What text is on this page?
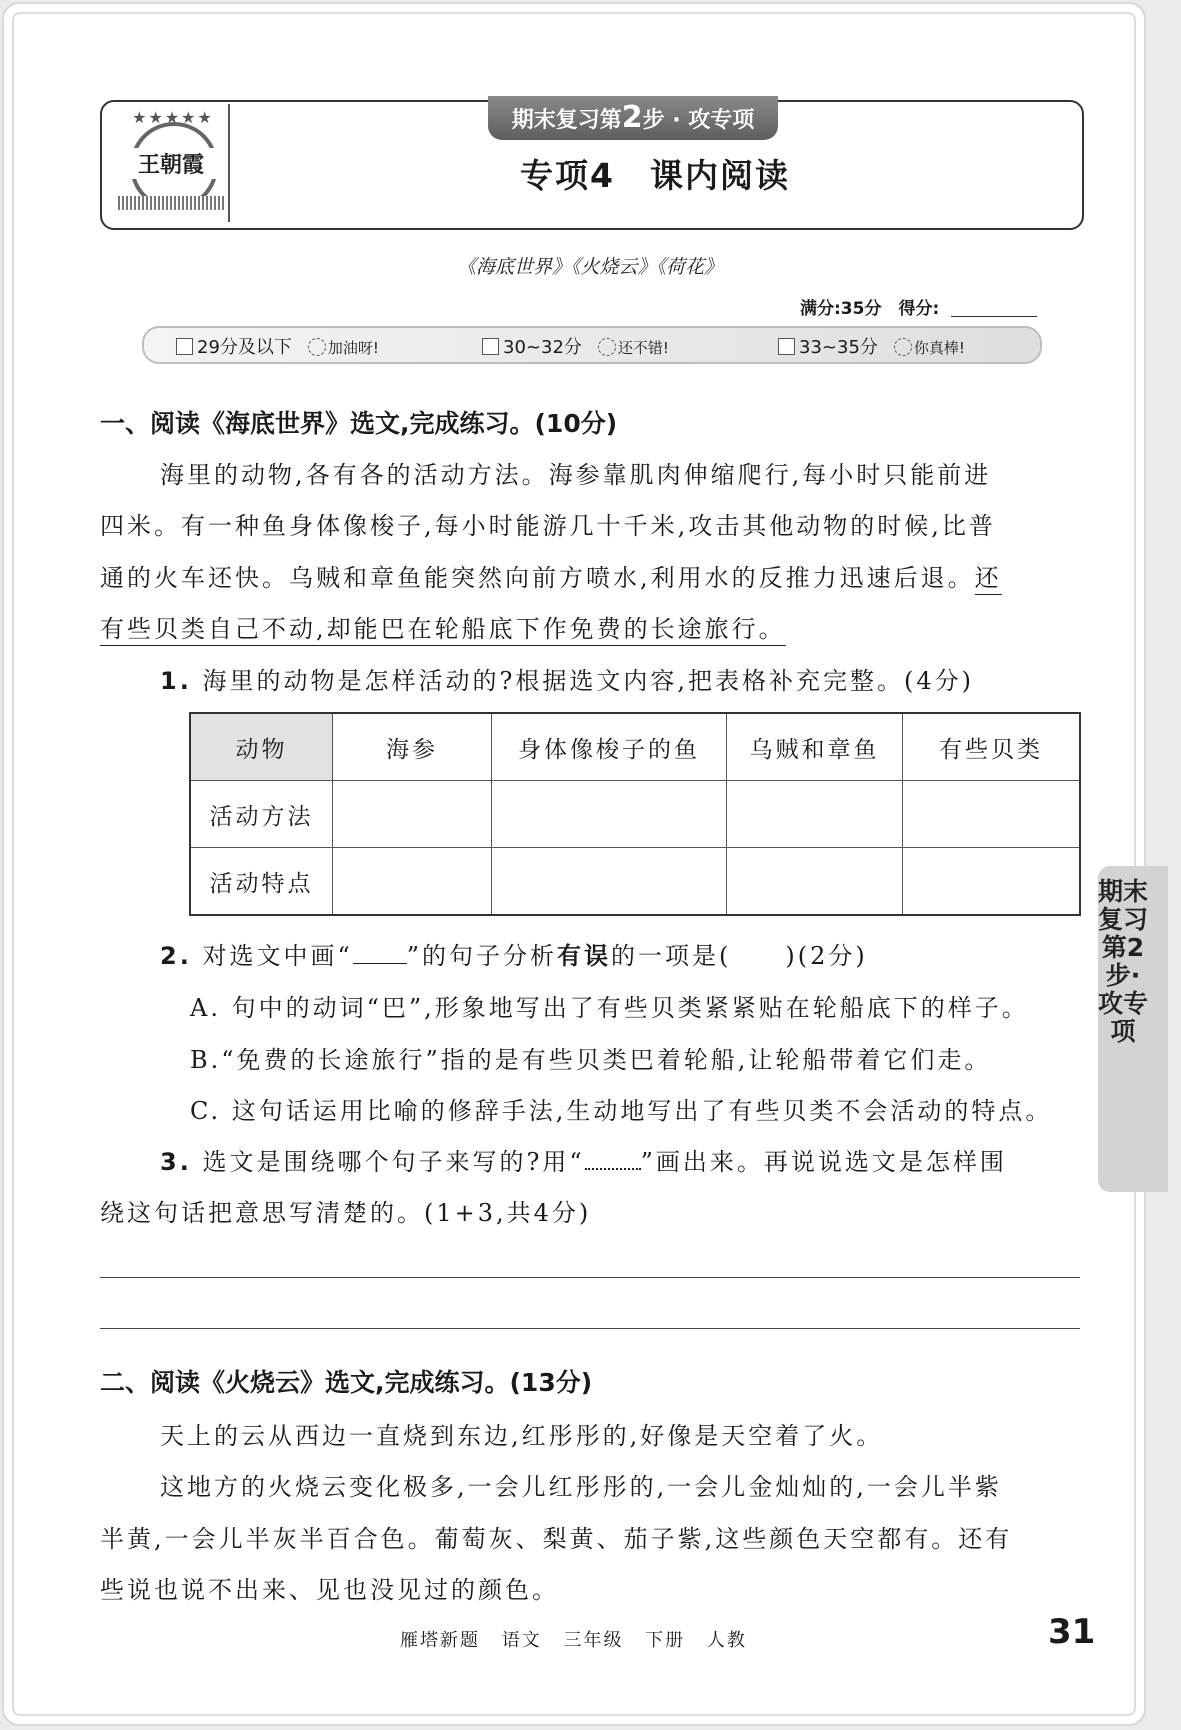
★★★★★
王朝霞
期末复习第2步 · 攻专项
专项4　课内阅读
《海底世界》《火烧云》《荷花》
满分:35分　 得分:
29分及以下 加油呀!	30~32分 还不错!	33~35分 你真棒!
一、阅读《海底世界》选文,完成练习。(10分)
海里的动物,各有各的活动方法。海参靠肌肉伸缩爬行,每小时只能前进
四米。有一种鱼身体像梭子,每小时能游几十千米,攻击其他动物的时候,比普
通的火车还快。乌贼和章鱼能突然向前方喷水,利用水的反推力迅速后退。还
有些贝类自己不动,却能巴在轮船底下作免费的长途旅行。
1. 海里的动物是怎样活动的?根据选文内容,把表格补充完整。(4分)
动物	海参	身体像梭子的鱼	乌贼和章鱼	有些贝类
活动方法				
活动特点				
2. 对选文中画“ ”的句子分析有误的一项是(　　)(2分)
A. 句中的动词“巴”,形象地写出了有些贝类紧紧贴在轮船底下的样子。
B.“免费的长途旅行”指的是有些贝类巴着轮船,让轮船带着它们走。
C. 这句话运用比喻的修辞手法,生动地写出了有些贝类不会活动的特点。
3. 选文是围绕哪个句子来写的?用“ ”画出来。再说说选文是怎样围
绕这句话把意思写清楚的。(1+3,共4分)
二、阅读《火烧云》选文,完成练习。(13分)
天上的云从西边一直烧到东边,红彤彤的,好像是天空着了火。
这地方的火烧云变化极多,一会儿红彤彤的,一会儿金灿灿的,一会儿半紫
半黄,一会儿半灰半百合色。葡萄灰、梨黄、茄子紫,这些颜色天空都有。还有
些说也说不出来、见也没见过的颜色。
期末复习第2步·攻专项
雁塔新题 语文 三年级 下册 人教	31
